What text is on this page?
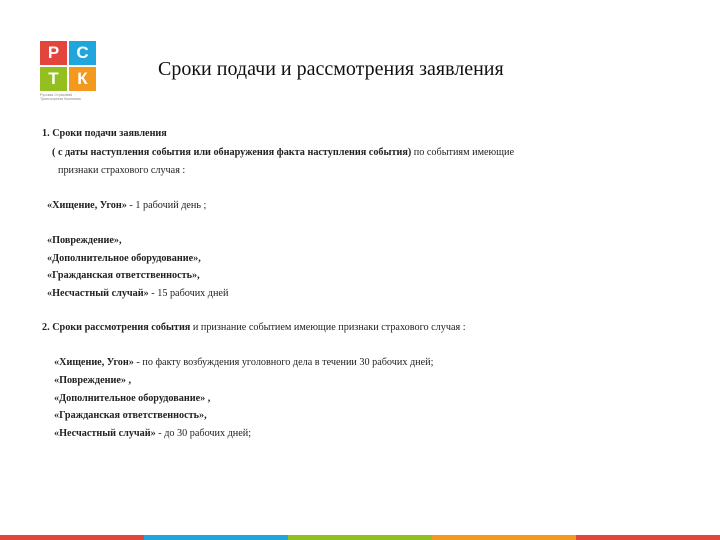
Р	С
Т	К
Русская Страховая
Транспортная Компания
Сроки подачи и рассмотрения заявления
1. Сроки подачи заявления
( с даты наступления события или обнаружения факта наступления события) по событиям имеющие
признаки страхового случая :
«Хищение, Угон» - 1 рабочий день ;
«Повреждение»,
«Дополнительное оборудование»,
«Гражданская ответственность»,
«Несчастный случай» - 15 рабочих дней
2. Сроки рассмотрения события и признание событием имеющие признаки страхового случая :
«Хищение, Угон» - по факту возбуждения уголовного дела в течении 30 рабочих дней;
«Повреждение» ,
«Дополнительное оборудование» ,
«Гражданская ответственность»,
«Несчастный случай» - до 30 рабочих дней;
